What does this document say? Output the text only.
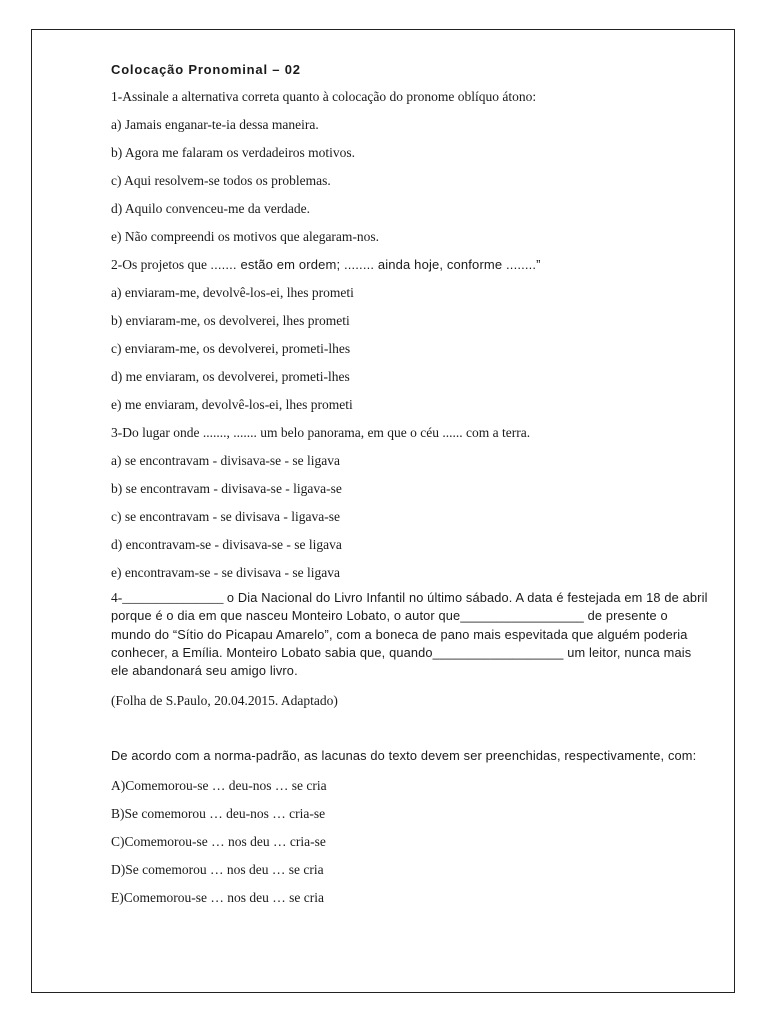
Colocação Pronominal – 02

1-Assinale a alternativa correta quanto à colocação do pronome oblíquo átono:

a) Jamais enganar-te-ia dessa maneira.

b) Agora me falaram os verdadeiros motivos.

c) Aqui resolvem-se todos os problemas.

d) Aquilo convenceu-me da verdade.

e) Não compreendi os motivos que alegaram-nos.

2-Os projetos que ....... estão em ordem; ........ ainda hoje, conforme ........”

a) enviaram-me, devolvê-los-ei, lhes prometi

b) enviaram-me, os devolverei, lhes prometi

c) enviaram-me, os devolverei, prometi-lhes

d) me enviaram, os devolverei, prometi-lhes

e) me enviaram, devolvê-los-ei, lhes prometi

3-Do lugar onde ......., ....... um belo panorama, em que o céu ...... com a terra.

a) se encontravam - divisava-se - se ligava

b) se encontravam - divisava-se - ligava-se

c) se encontravam - se divisava - ligava-se

d) encontravam-se - divisava-se - se ligava

e) encontravam-se - se divisava - se ligava

4-_______________ o Dia Nacional do Livro Infantil no último sábado. A data é festejada em 18 de abril porque é o dia em que nasceu Monteiro Lobato, o autor que_________________ de presente o mundo do “Sítio do Picapau Amarelo”, com a boneca de pano mais espevitada que alguém poderia conhecer, a Emília. Monteiro Lobato sabia que, quando__________________ um leitor, nunca mais ele abandonará seu amigo livro.

(Folha de S.Paulo, 20.04.2015. Adaptado)

De acordo com a norma-padrão, as lacunas do texto devem ser preenchidas, respectivamente, com:

A)Comemorou-se … deu-nos … se cria

B)Se comemorou … deu-nos … cria-se

C)Comemorou-se … nos deu … cria-se

D)Se comemorou … nos deu … se cria

E)Comemorou-se … nos deu … se cria
